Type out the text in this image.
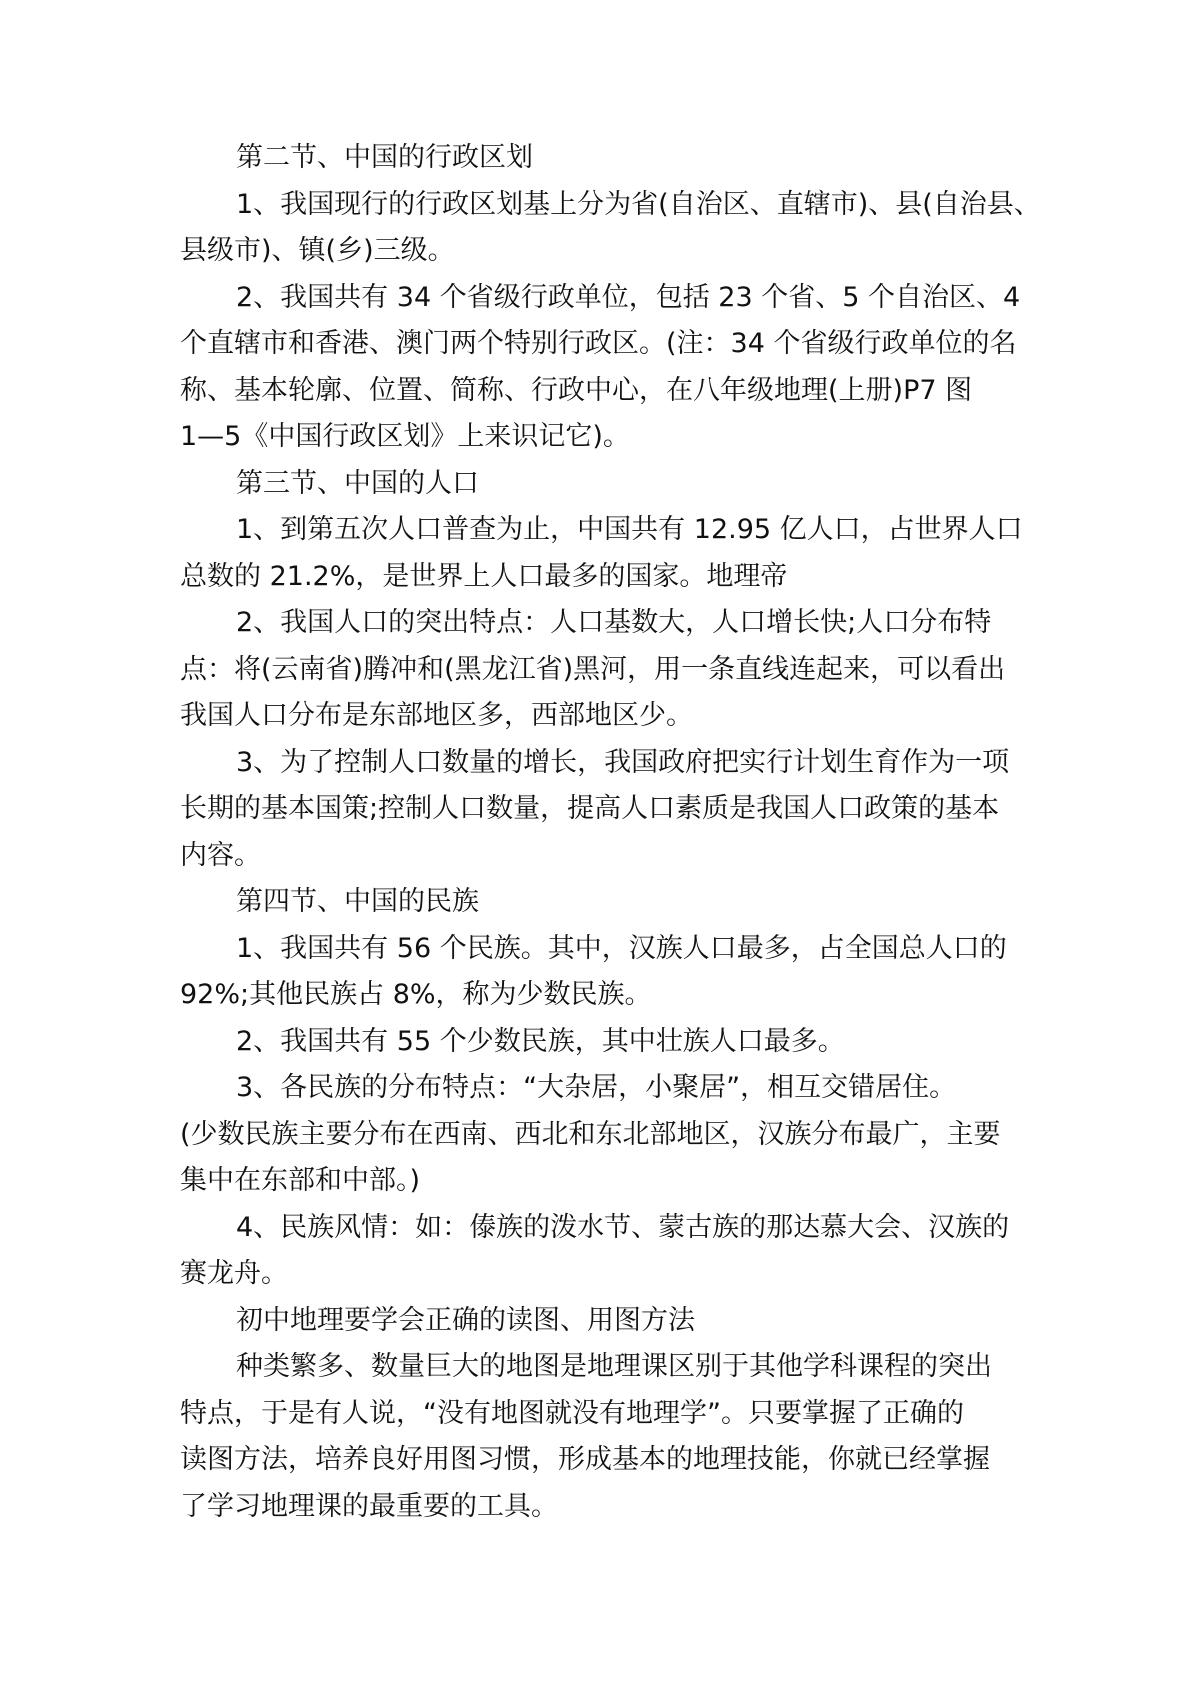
第二节、中国的行政区划

1、我国现行的行政区划基上分为省(自治区、直辖市)、县(自治县、

县级市)、镇(乡)三级。

2、我国共有 34 个省级行政单位，包括 23 个省、5 个自治区、4

个直辖市和香港、澳门两个特别行政区。(注：34 个省级行政单位的名

称、基本轮廓、位置、简称、行政中心，在八年级地理(上册)P7 图

1—5《中国行政区划》上来识记它)。

第三节、中国的人口

1、到第五次人口普查为止，中国共有 12.95 亿人口，占世界人口

总数的 21.2%，是世界上人口最多的国家。地理帝

2、我国人口的突出特点：人口基数大，人口增长快;人口分布特

点：将(云南省)腾冲和(黑龙江省)黑河，用一条直线连起来，可以看出

我国人口分布是东部地区多，西部地区少。

3、为了控制人口数量的增长，我国政府把实行计划生育作为一项

长期的基本国策;控制人口数量，提高人口素质是我国人口政策的基本

内容。

第四节、中国的民族

1、我国共有 56 个民族。其中，汉族人口最多，占全国总人口的

92%;其他民族占 8%，称为少数民族。

2、我国共有 55 个少数民族，其中壮族人口最多。

3、各民族的分布特点：“大杂居，小聚居”，相互交错居住。

(少数民族主要分布在西南、西北和东北部地区，汉族分布最广，主要

集中在东部和中部。)

4、民族风情：如：傣族的泼水节、蒙古族的那达慕大会、汉族的

赛龙舟。

初中地理要学会正确的读图、用图方法

种类繁多、数量巨大的地图是地理课区别于其他学科课程的突出

特点，于是有人说，“没有地图就没有地理学”。只要掌握了正确的

读图方法，培养良好用图习惯，形成基本的地理技能，你就已经掌握

了学习地理课的最重要的工具。
